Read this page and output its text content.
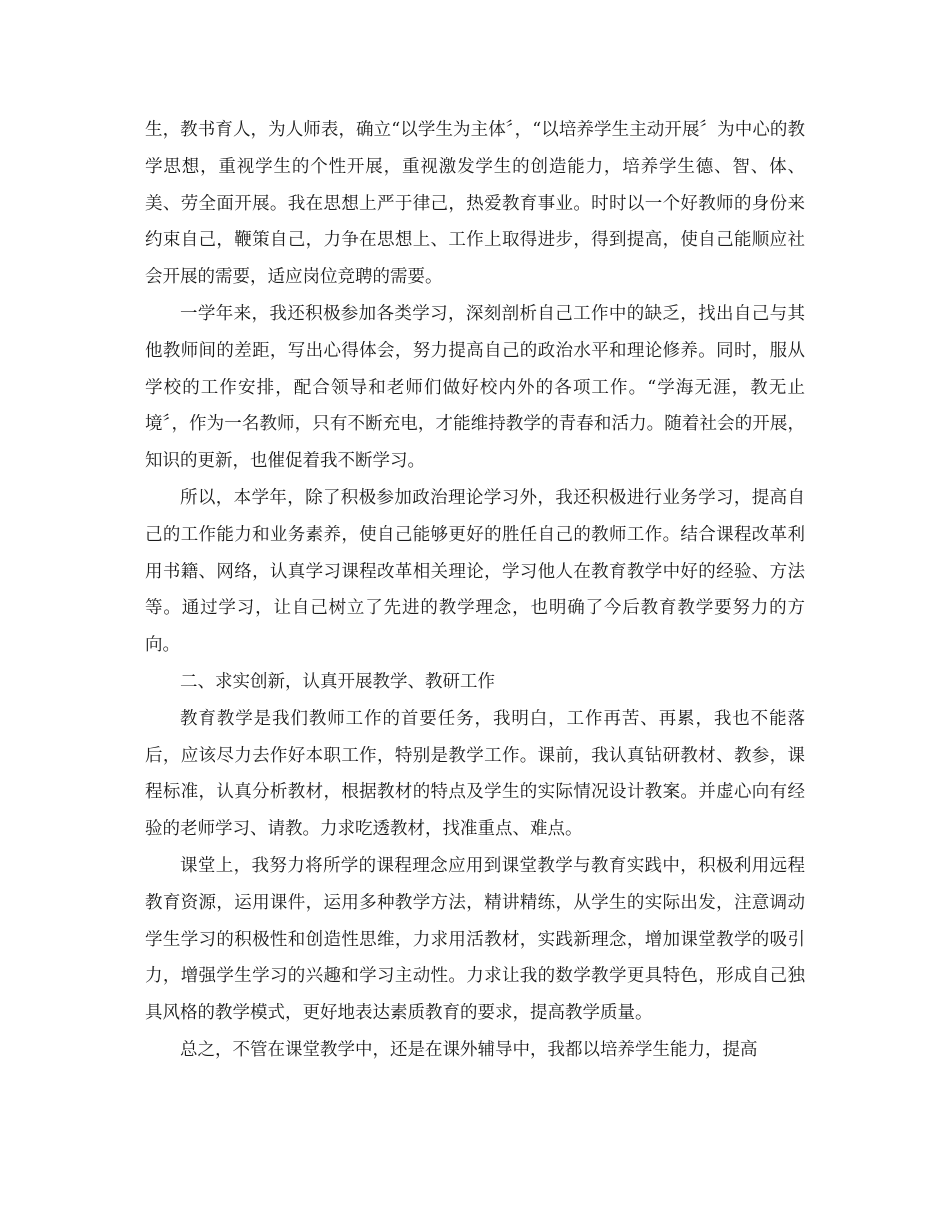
生，教书育人，为人师表，确立“以学生为主体〞，“以培养学生主动开展〞为中心的教学思想，重视学生的个性开展，重视激发学生的创造能力，培养学生德、智、体、美、劳全面开展。我在思想上严于律己，热爱教育事业。时时以一个好教师的身份来约束自己，鞭策自己，力争在思想上、工作上取得进步，得到提高，使自己能顺应社会开展的需要，适应岗位竞聘的需要。

一学年来，我还积极参加各类学习，深刻剖析自己工作中的缺乏，找出自己与其他教师间的差距，写出心得体会，努力提高自己的政治水平和理论修养。同时，服从学校的工作安排，配合领导和老师们做好校内外的各项工作。“学海无涯，教无止境〞，作为一名教师，只有不断充电，才能维持教学的青春和活力。随着社会的开展，知识的更新，也催促着我不断学习。

所以，本学年，除了积极参加政治理论学习外，我还积极进行业务学习，提高自己的工作能力和业务素养，使自己能够更好的胜任自己的教师工作。结合课程改革利用书籍、网络，认真学习课程改革相关理论，学习他人在教育教学中好的经验、方法等。通过学习，让自己树立了先进的教学理念，也明确了今后教育教学要努力的方向。

二、求实创新，认真开展教学、教研工作

教育教学是我们教师工作的首要任务，我明白，工作再苦、再累，我也不能落后，应该尽力去作好本职工作，特别是教学工作。课前，我认真钻研教材、教参，课程标准，认真分析教材，根据教材的特点及学生的实际情况设计教案。并虚心向有经验的老师学习、请教。力求吃透教材，找准重点、难点。

课堂上，我努力将所学的课程理念应用到课堂教学与教育实践中，积极利用远程教育资源，运用课件，运用多种教学方法，精讲精练，从学生的实际出发，注意调动学生学习的积极性和创造性思维，力求用活教材，实践新理念，增加课堂教学的吸引力，增强学生学习的兴趣和学习主动性。力求让我的数学教学更具特色，形成自己独具风格的教学模式，更好地表达素质教育的要求，提高教学质量。

总之，不管在课堂教学中，还是在课外辅导中，我都以培养学生能力，提高
